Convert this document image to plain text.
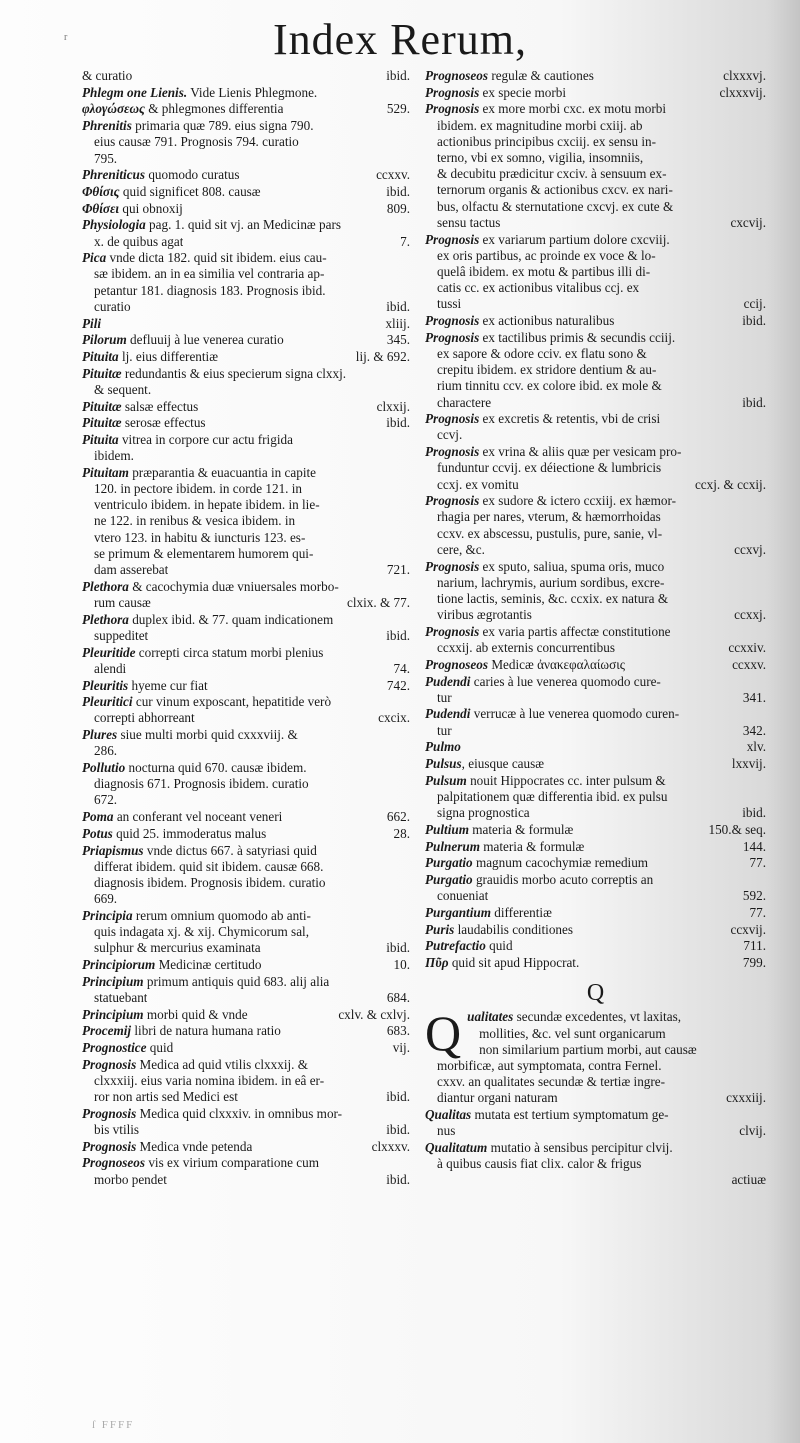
r	Index Rerum,
& curatio	ibid.
Phlegm one Lienis. Vide Lienis Phlegmone.
φλογώσεως & phlegmones differentia	529.
Phrenitis primaria quæ 789. eius signa 790.
eius causæ 791. Prognosis 794. curatio
795.
Phreniticus quomodo curatus	ccxxv.
Φθίσις quid significet 808. causæ	ibid.
Φθίσει qui obnoxij	809.
Physiologia pag. 1. quid sit vj. an Medicinæ pars
x. de quibus agat	7.
Pica vnde dicta 182. quid sit ibidem. eius cau-
sæ ibidem. an in ea similia vel contraria ap-
petantur 181. diagnosis 183. Prognosis ibid.
curatio	ibid.
Pili	xliij.
Pilorum defluuij à lue venerea curatio	345.
Pituita lj. eius differentiæ	lij. & 692.
Pituitæ redundantis & eius specierum signa clxxj.
& sequent.
Pituitæ salsæ effectus	clxxij.
Pituitæ serosæ effectus	ibid.
Pituita vitrea in corpore cur actu frigida
ibidem.
Pituitam præparantia & euacuantia in capite
120. in pectore ibidem. in corde 121. in
ventriculo ibidem. in hepate ibidem. in lie-
ne 122. in renibus & vesica ibidem. in
vtero 123. in habitu & iuncturis 123. es-
se primum & elementarem humorem qui-
dam asserebat	721.
Plethora & cacochymia duæ vniuersales morbo-
rum causæ	clxix. & 77.
Plethora duplex ibid. & 77. quam indicationem
suppeditet	ibid.
Pleuritide correpti circa statum morbi plenius
alendi	74.
Pleuritis hyeme cur fiat	742.
Pleuritici cur vinum exposcant, hepatitide verò
correpti abhorreant	cxcix.
Plures siue multi morbi quid cxxxviij. &
286.
Pollutio nocturna quid 670. causæ ibidem.
diagnosis 671. Prognosis ibidem. curatio
672.
Poma an conferant vel noceant veneri	662.
Potus quid 25. immoderatus malus	28.
Priapismus vnde dictus 667. à satyriasi quid
differat ibidem. quid sit ibidem. causæ 668.
diagnosis ibidem. Prognosis ibidem. curatio
669.
Principia rerum omnium quomodo ab anti-
quis indagata xj. & xij. Chymicorum sal,
sulphur & mercurius examinata	ibid.
Principiorum Medicinæ certitudo	10.
Principium primum antiquis quid 683. alij alia
statuebant	684.
Principium morbi quid & vnde	cxlv. & cxlvj.
Procemij libri de natura humana ratio	683.
Prognostice quid	vij.
Prognosis Medica ad quid vtilis clxxxij. &
clxxxiij. eius varia nomina ibidem. in eâ er-
ror non artis sed Medici est	ibid.
Prognosis Medica quid clxxxiv. in omnibus mor-
bis vtilis	ibid.
Prognosis Medica vnde petenda	clxxxv.
Prognoseos vis ex virium comparatione cum
morbo pendet	ibid.
Prognoseos regulæ & cautiones	clxxxvj.
Prognosis ex specie morbi	clxxxvij.
Prognosis ex more morbi cxc. ex motu morbi
ibidem. ex magnitudine morbi cxiij. ab
actionibus principibus cxciij. ex sensu in-
terno, vbi ex somno, vigilia, insomniis,
& decubitu prædicitur cxciv. à sensuum ex-
ternorum organis & actionibus cxcv. ex nari-
bus, olfactu & sternutatione cxcvj. ex cute &
sensu tactus	cxcvij.
Prognosis ex variarum partium dolore cxcviij.
ex oris partibus, ac proinde ex voce & lo-
quelâ ibidem. ex motu & partibus illi di-
catis cc. ex actionibus vitalibus ccj. ex
tussi	ccij.
Prognosis ex actionibus naturalibus	ibid.
Prognosis ex tactilibus primis & secundis cciij.
ex sapore & odore cciv. ex flatu sono &
crepitu ibidem. ex stridore dentium & au-
rium tinnitu ccv. ex colore ibid. ex mole &
charactere	ibid.
Prognosis ex excretis & retentis, vbi de crisi
ccvj.
Prognosis ex vrina & aliis quæ per vesicam pro-
funduntur ccvij. ex déiectione & lumbricis
ccxj. ex vomitu	ccxj. & ccxij.
Prognosis ex sudore & ictero ccxiij. ex hæmor-
rhagia per nares, vterum, & hæmorrhoidas
ccxv. ex abscessu, pustulis, pure, sanie, vl-
cere, &c.	ccxvj.
Prognosis ex sputo, saliua, spuma oris, muco
narium, lachrymis, aurium sordibus, excre-
tione lactis, seminis, &c. ccxix. ex natura &
viribus ægrotantis	ccxxj.
Prognosis ex varia partis affectæ constitutione
ccxxij. ab externis concurrentibus	ccxxiv.
Prognoseos Medicæ ἀνακεφαλαίωσις	ccxxv.
Pudendi caries à lue venerea quomodo cure-
tur	341.
Pudendi verrucæ à lue venerea quomodo curen-
tur	342.
Pulmo	xlv.
Pulsus, eiusque causæ	lxxvij.
Pulsum nouit Hippocrates cc. inter pulsum &
palpitationem quæ differentia ibid. ex pulsu
signa prognostica	ibid.
Pultium materia & formulæ	150.& seq.
Pulnerum materia & formulæ	144.
Purgatio magnum cacochymiæ remedium	77.
Purgatio grauidis morbo acuto correptis an
conueniat	592.
Purgantium differentiæ	77.
Puris laudabilis conditiones	ccxvij.
Putrefactio quid	711.
Πῦρ quid sit apud Hippocrat.	799.
Q
Q ualitates secundæ excedentes, vt laxitas,
mollities, &c. vel sunt organicarum
non similarium partium morbi, aut causæ
morbificæ, aut symptomata, contra Fernel.
cxxv. an qualitates secundæ & tertiæ ingre-
diantur organi naturam	cxxxiij.
Qualitas mutata est tertium symptomatum ge-
nus	clvij.
Qualitatum mutatio à sensibus percipitur clvij.
à quibus causis fiat clix. calor & frigus
actiuæ
ſ FFFF
